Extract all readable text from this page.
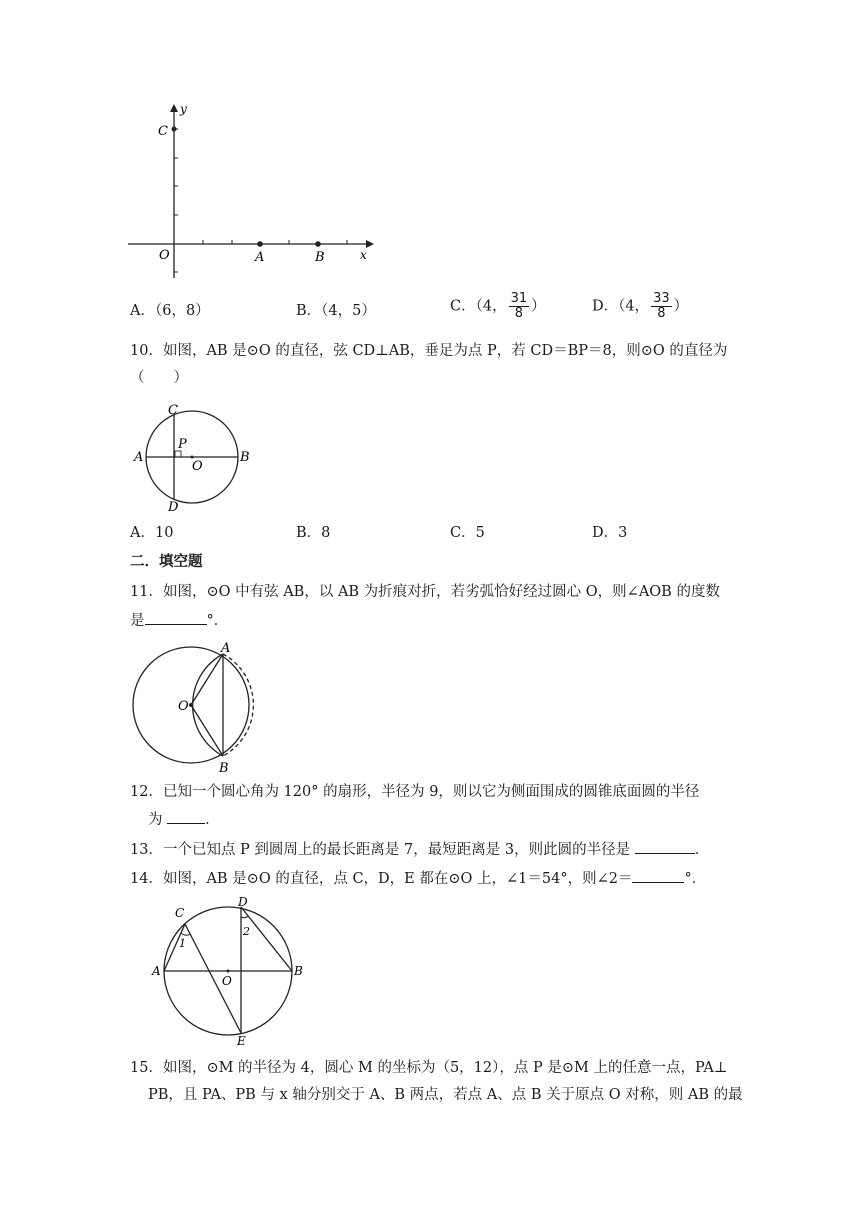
y
x
C
O	A	B
A．（6，8）	B．（4，5）	C．（4， $\frac{31}{8}$ ）	D．（4， $\frac{33}{8}$ ）
10．如图，AB 是⊙O 的直径，弦 CD⊥AB，垂足为点 P，若 CD＝BP＝8，则⊙O 的直径为
（　　）
C
P
A
O
B
D
A．10	B．8	C．5	D．3
二．填空题
11．如图，⊙O 中有弦 AB，以 AB 为折痕对折，若劣弧恰好经过圆心 O，则∠AOB 的度数
是	°．
A
O
B
12．已知一个圆心角为 120° 的扇形，半径为 9，则以它为侧面围成的圆锥底面圆的半径
为	．
13．一个已知点 P 到圆周上的最长距离是 7，最短距离是 3，则此圆的半径是	．
14．如图，AB 是⊙O 的直径，点 C，D，E 都在⊙O 上，∠1＝54°，则∠2＝	°．
C
D
A
O
B
E
1
2
15．如图，⊙M 的半径为 4，圆心 M 的坐标为（5，12），点 P 是⊙M 上的任意一点，PA⊥
PB，且 PA、PB 与 x 轴分别交于 A、B 两点，若点 A、点 B 关于原点 O 对称，则 AB 的最
